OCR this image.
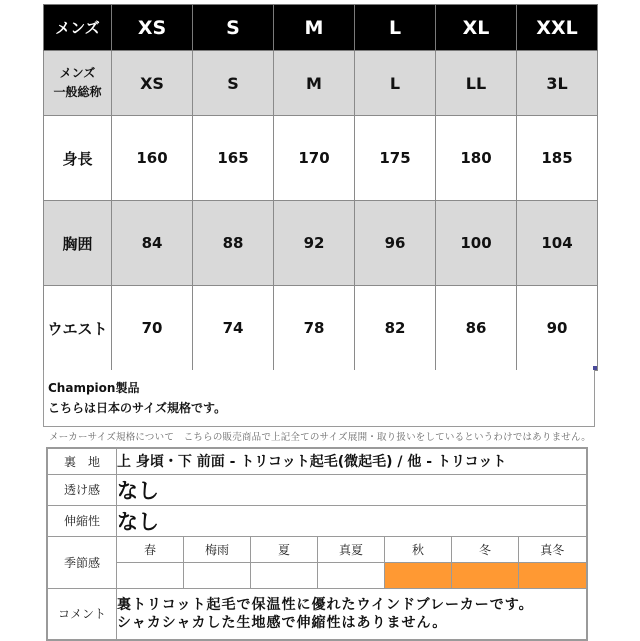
メンズ	XS	S	M	L	XL	XXL

メンズ
一般総称	XS	S	M	L	LL	3L
身長	160	165	170	175	180	185
胸囲	84	88	92	96	100	104
ウエスト	70	74	78	82	86	90
Champion製品
こちらは日本のサイズ規格です。
メーカーサイズ規格について　こちらの販売商品で上記全てのサイズ展開・取り扱いをしているというわけではありません。
裏　地	上 身頃・下 前面 - トリコット起毛(微起毛) / 他 - トリコット						
透け感	なし						
伸縮性	なし						
季節感	春	梅雨	夏	真夏	秋	冬	真冬

コメント	裏トリコット起毛で保温性に優れたウインドブレーカーです。
シャカシャカした生地感で伸縮性はありません。						
